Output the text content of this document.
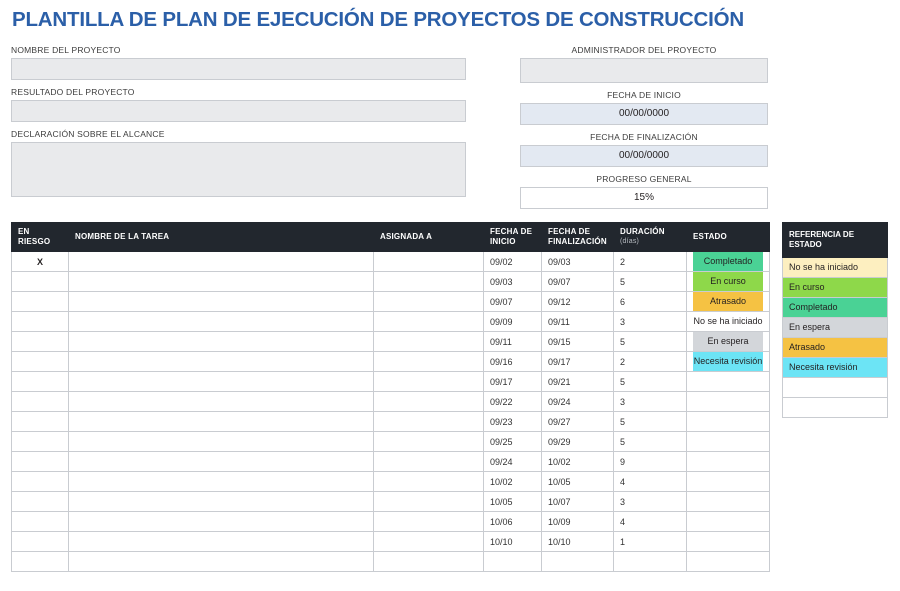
PLANTILLA DE PLAN DE EJECUCIÓN DE PROYECTOS DE CONSTRUCCIÓN
NOMBRE DEL PROYECTO
RESULTADO DEL PROYECTO
DECLARACIÓN SOBRE EL ALCANCE
ADMINISTRADOR DEL PROYECTO
FECHA DE INICIO
00/00/0000
FECHA DE FINALIZACIÓN
00/00/0000
PROGRESO GENERAL
15%
EN RIESGO	NOMBRE DE LA TAREA	ASIGNADA A	FECHA DE INICIO	FECHA DE FINALIZACIÓN	DURACIÓN
(días)	ESTADO
X			09/02	09/03	2	Completado

			09/03	09/07	5	En curso

			09/07	09/12	6	Atrasado

			09/09	09/11	3	No se ha iniciado

			09/11	09/15	5	En espera

			09/16	09/17	2	Necesita revisión

			09/17	09/21	5	

			09/22	09/24	3	

			09/23	09/27	5	

			09/25	09/29	5	

			09/24	10/02	9	

			10/02	10/05	4	

			10/05	10/07	3	

			10/06	10/09	4	

			10/10	10/10	1	

REFERENCIA DE ESTADO
No se ha iniciado
En curso
Completado
En espera
Atrasado
Necesita revisión
